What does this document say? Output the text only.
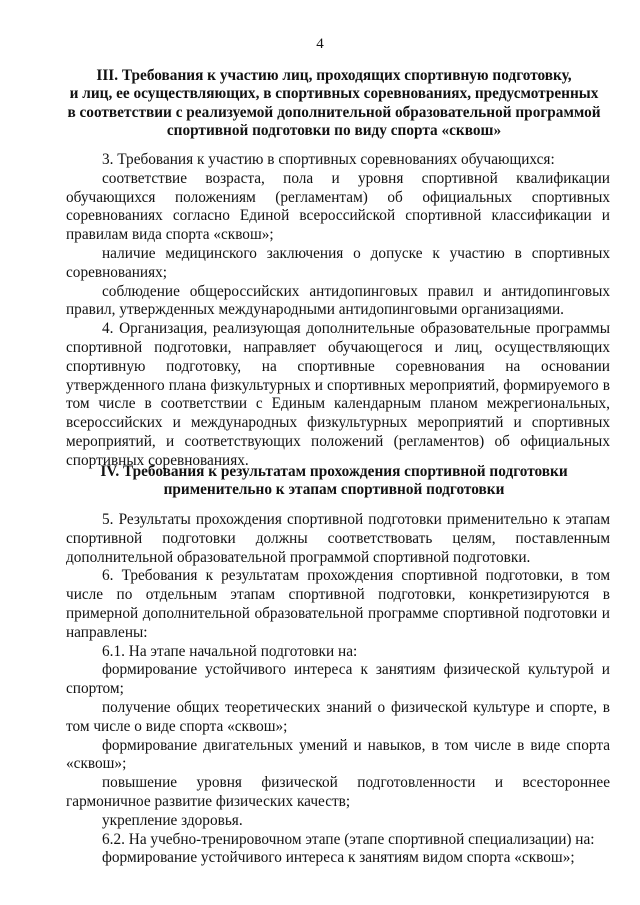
4
III. Требования к участию лиц, проходящих спортивную подготовку,
и лиц, ее осуществляющих, в спортивных соревнованиях, предусмотренных
в соответствии с реализуемой дополнительной образовательной программой
спортивной подготовки по виду спорта «сквош»

3. Требования к участию в спортивных соревнованиях обучающихся:

соответствие возраста, пола и уровня спортивной квалификации обучающихся положениям (регламентам) об официальных спортивных соревнованиях согласно Единой всероссийской спортивной классификации и правилам вида спорта «сквош»;

наличие медицинского заключения о допуске к участию в спортивных соревнованиях;

соблюдение общероссийских антидопинговых правил и антидопинговых правил, утвержденных международными антидопинговыми организациями.

4. Организация, реализующая дополнительные образовательные программы спортивной подготовки, направляет обучающегося и лиц, осуществляющих спортивную подготовку, на спортивные соревнования на основании утвержденного плана физкультурных и спортивных мероприятий, формируемого в том числе в соответствии с Единым календарным планом межрегиональных, всероссийских и международных физкультурных мероприятий и спортивных мероприятий, и соответствующих положений (регламентов) об официальных спортивных соревнованиях.

IV. Требования к результатам прохождения спортивной подготовки
применительно к этапам спортивной подготовки

5. Результаты прохождения спортивной подготовки применительно к этапам спортивной подготовки должны соответствовать целям, поставленным дополнительной образовательной программой спортивной подготовки.

6. Требования к результатам прохождения спортивной подготовки, в том числе по отдельным этапам спортивной подготовки, конкретизируются в примерной дополнительной образовательной программе спортивной подготовки и направлены:

6.1. На этапе начальной подготовки на:

формирование устойчивого интереса к занятиям физической культурой и спортом;

получение общих теоретических знаний о физической культуре и спорте, в том числе о виде спорта «сквош»;

формирование двигательных умений и навыков, в том числе в виде спорта «сквош»;

повышение уровня физической подготовленности и всестороннее гармоничное развитие физических качеств;

укрепление здоровья.

6.2. На учебно-тренировочном этапе (этапе спортивной специализации) на:

формирование устойчивого интереса к занятиям видом спорта «сквош»;
